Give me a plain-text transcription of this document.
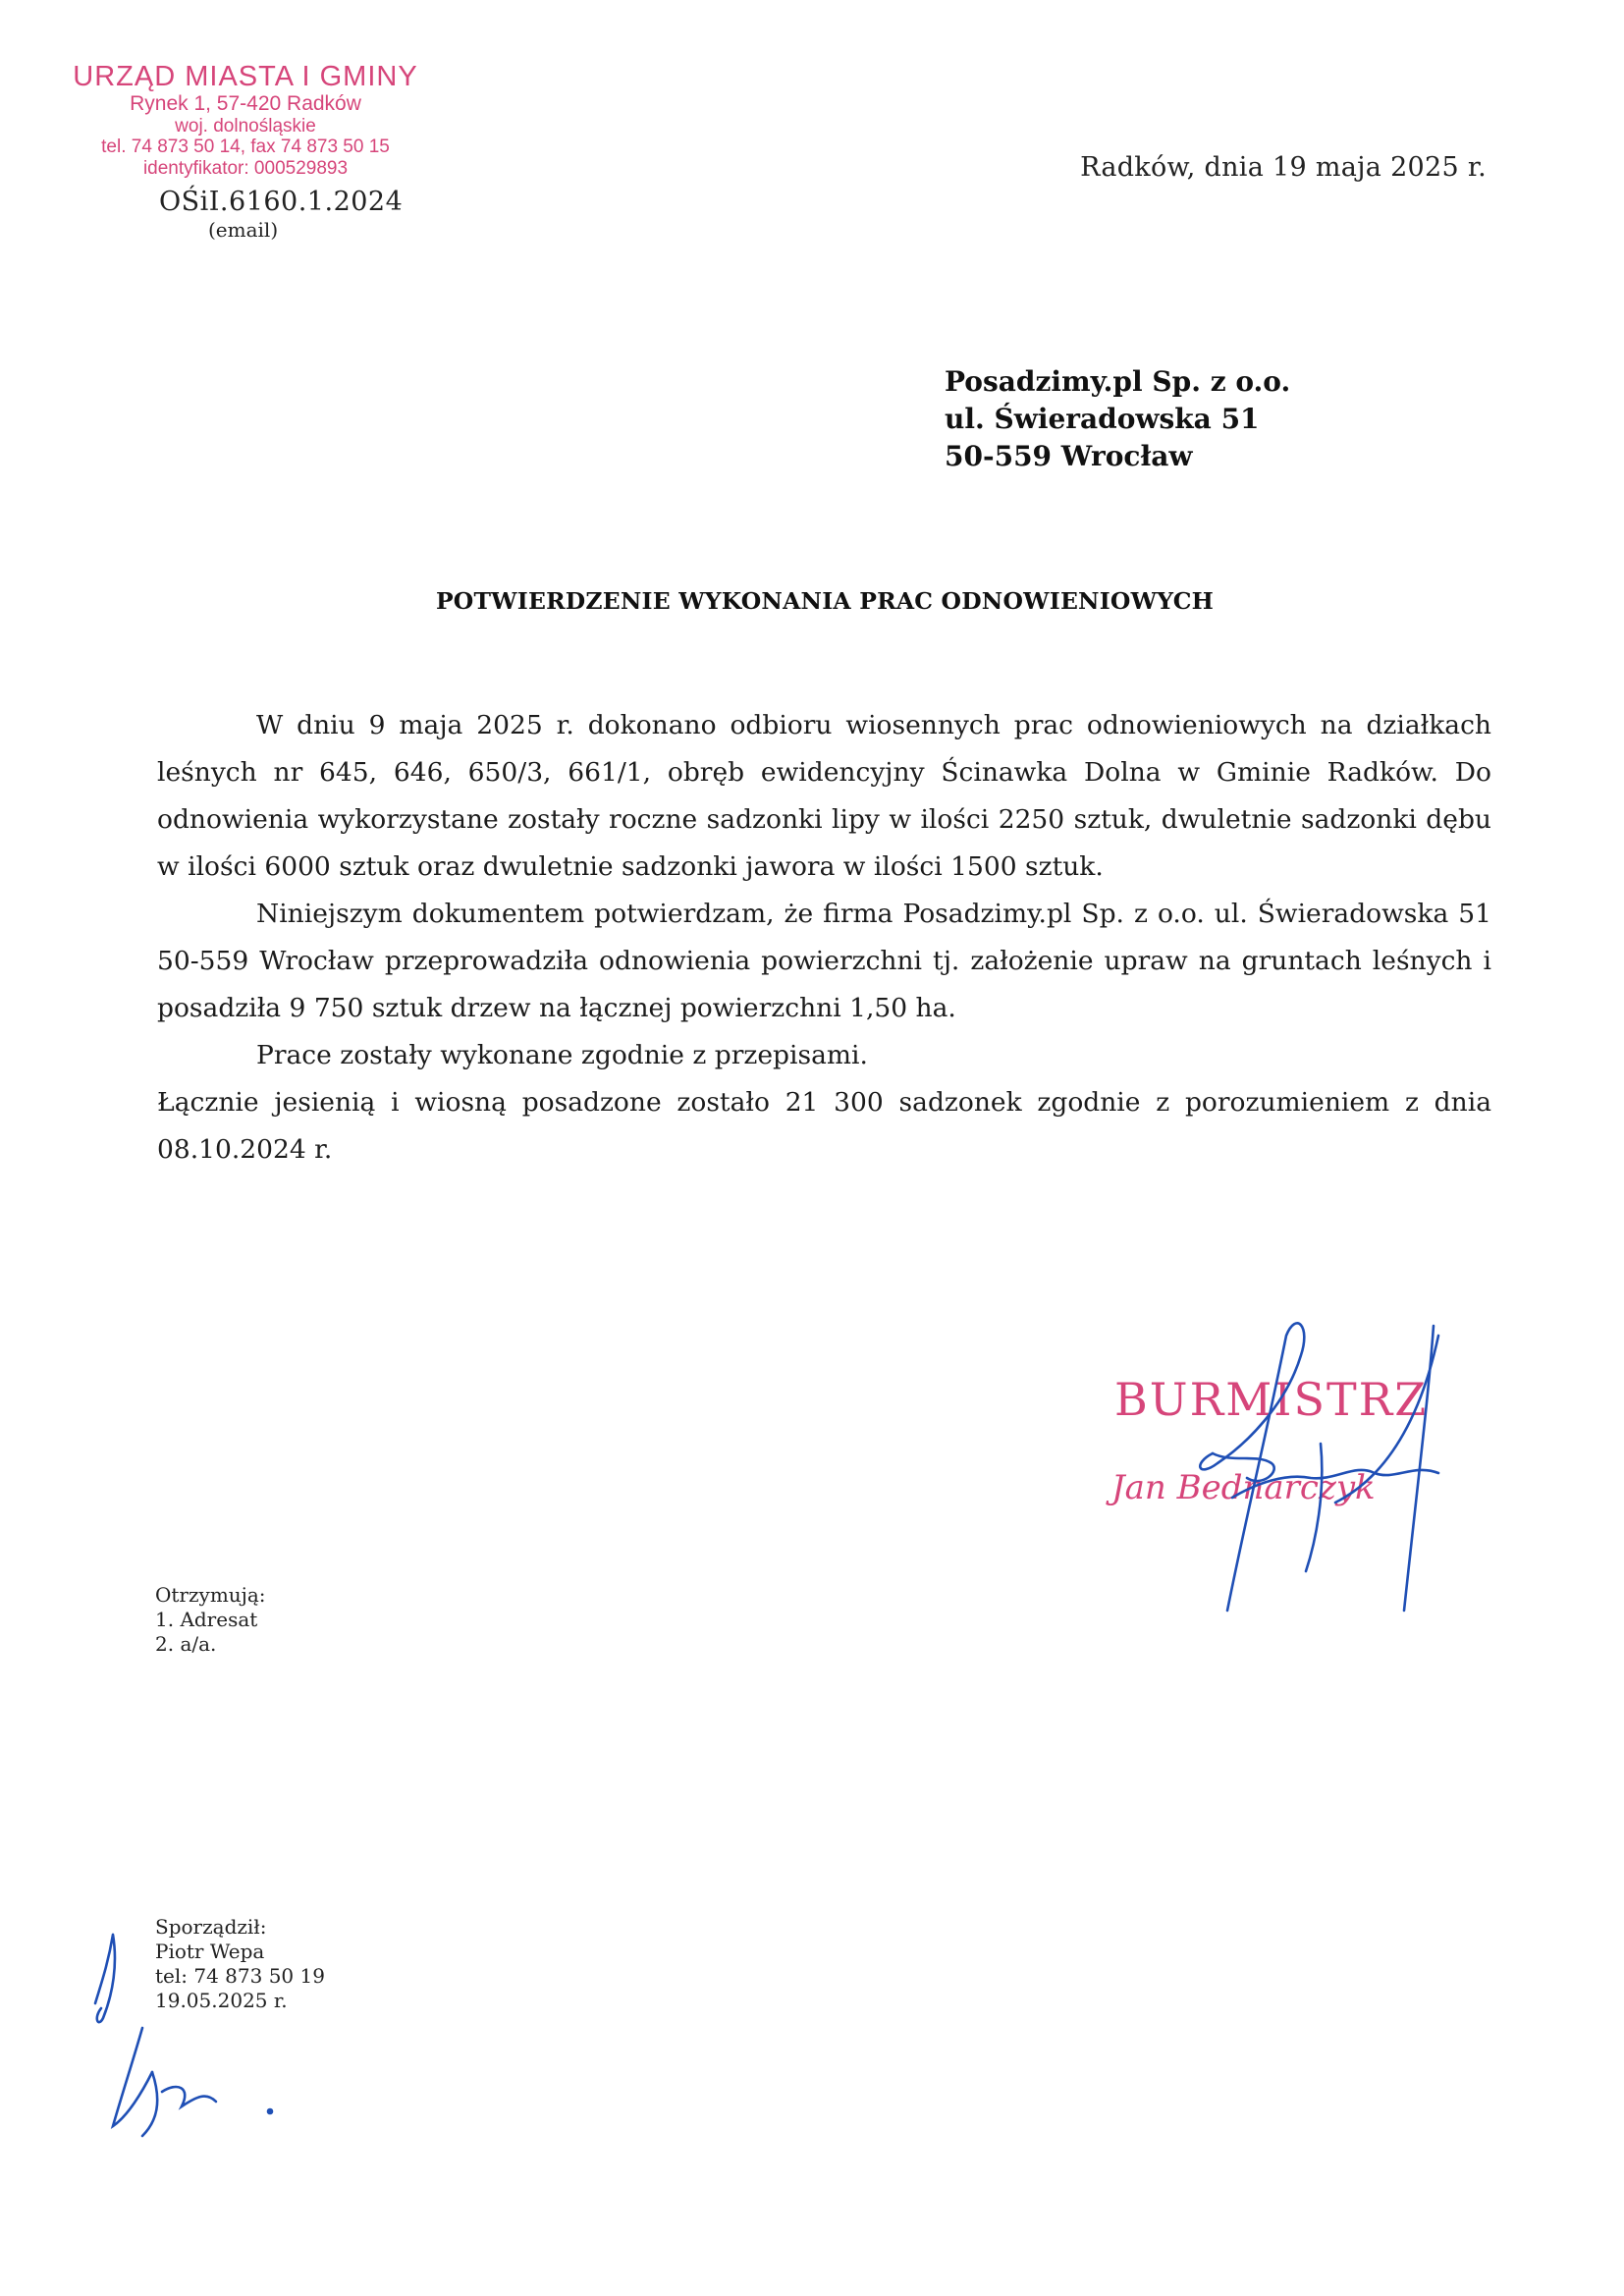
URZĄD MIASTA I GMINY
Rynek 1, 57-420 Radków
woj. dolnośląskie
tel. 74 873 50 14, fax 74 873 50 15
identyfikator: 000529893
OŚiI.6160.1.2024
(email)
Radków, dnia 19 maja 2025 r.
Posadzimy.pl Sp. z o.o.
ul. Świeradowska 51
50-559 Wrocław
POTWIERDZENIE WYKONANIA PRAC ODNOWIENIOWYCH

W dniu 9 maja 2025 r. dokonano odbioru wiosennych prac odnowieniowych na działkach leśnych nr 645, 646, 650/3, 661/1, obręb ewidencyjny Ścinawka Dolna w Gminie Radków. Do odnowienia wykorzystane zostały roczne sadzonki lipy w ilości 2250 sztuk, dwuletnie sadzonki dębu w ilości 6000 sztuk oraz dwuletnie sadzonki jawora w ilości 1500 sztuk.

Niniejszym dokumentem potwierdzam, że firma Posadzimy.pl Sp. z o.o. ul. Świeradowska 51 50-559 Wrocław przeprowadziła odnowienia powierzchni tj. założenie upraw na gruntach leśnych i posadziła 9 750 sztuk drzew na łącznej powierzchni 1,50 ha.

Prace zostały wykonane zgodnie z przepisami.

Łącznie jesienią i wiosną posadzone zostało 21 300 sadzonek zgodnie z porozumieniem z dnia 08.10.2024 r.

BURMISTRZ
Jan Bednarczyk
Otrzymują:
1. Adresat
2. a/a.
Sporządził:
Piotr Wepa
tel: 74 873 50 19
19.05.2025 r.
